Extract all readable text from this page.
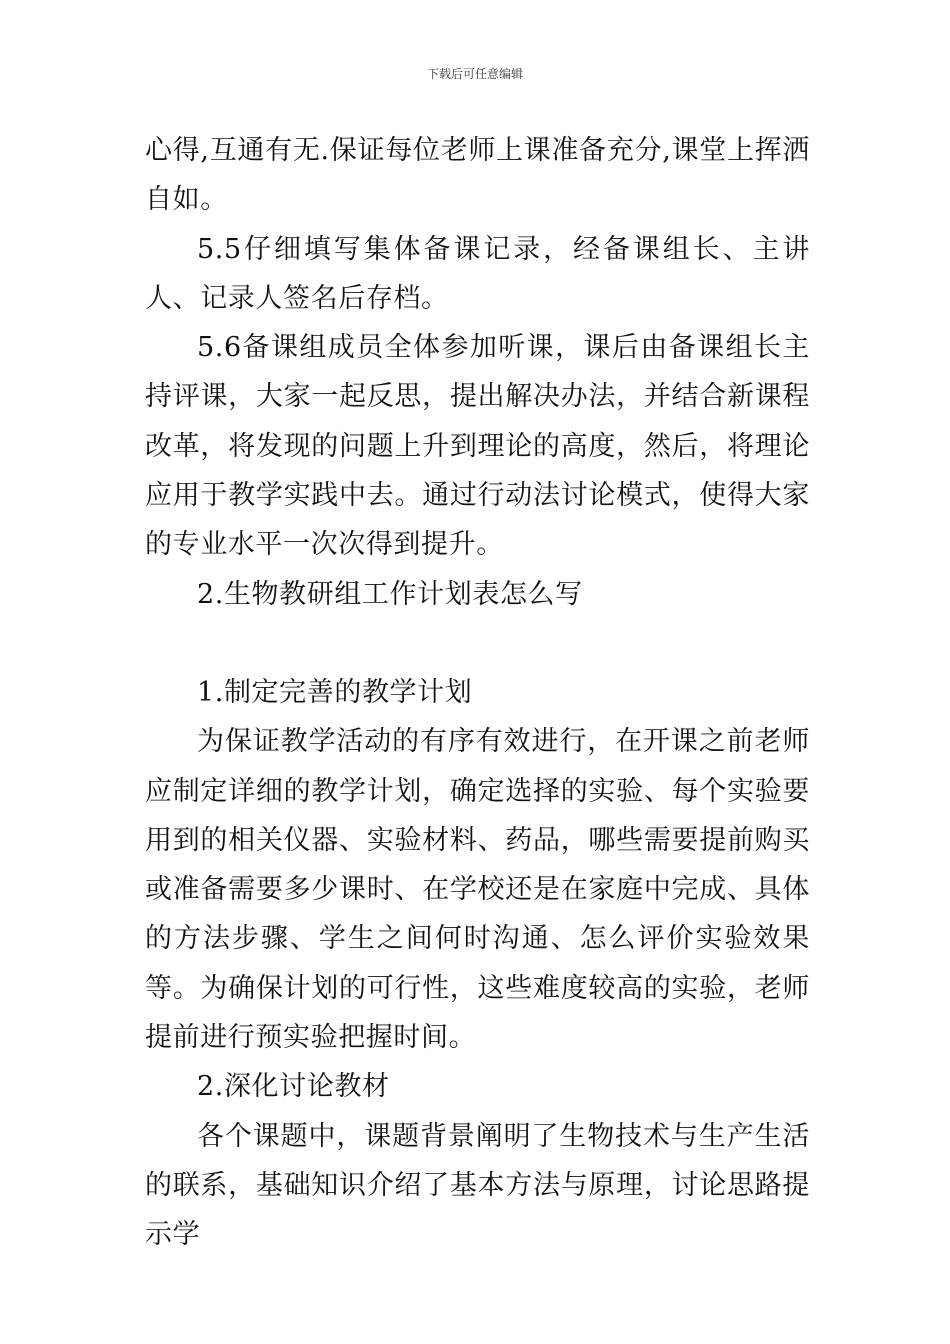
下载后可任意编辑

心得,互通有无.保证每位老师上课准备充分,课堂上挥洒自如。

5.5仔细填写集体备课记录，经备课组长、主讲人、记录人签名后存档。

5.6备课组成员全体参加听课，课后由备课组长主持评课，大家一起反思，提出解决办法，并结合新课程改革，将发现的问题上升到理论的高度，然后，将理论应用于教学实践中去。通过行动法讨论模式，使得大家的专业水平一次次得到提升。

2.生物教研组工作计划表怎么写

1.制定完善的教学计划

为保证教学活动的有序有效进行，在开课之前老师应制定详细的教学计划，确定选择的实验、每个实验要用到的相关仪器、实验材料、药品，哪些需要提前购买或准备需要多少课时、在学校还是在家庭中完成、具体的方法步骤、学生之间何时沟通、怎么评价实验效果等。为确保计划的可行性，这些难度较高的实验，老师提前进行预实验把握时间。

2.深化讨论教材

各个课题中，课题背景阐明了生物技术与生产生活的联系，基础知识介绍了基本方法与原理，讨论思路提示学
